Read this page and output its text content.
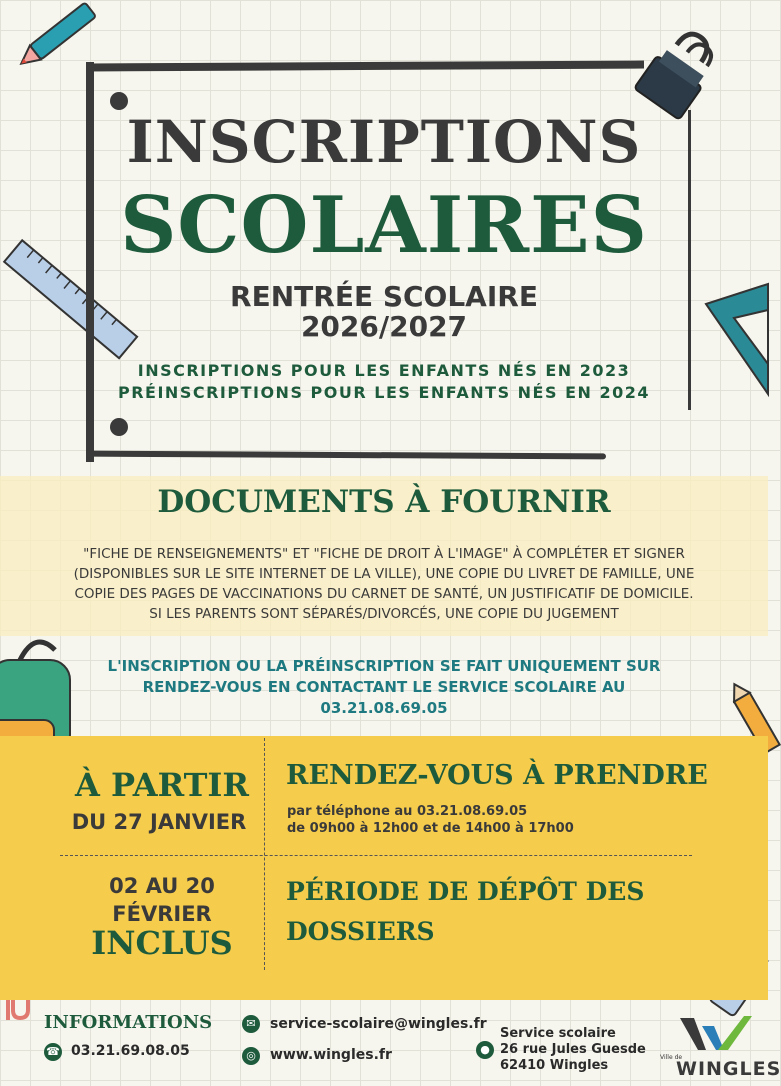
INSCRIPTIONS
SCOLAIRES
RENTRÉE SCOLAIRE
2026/2027
INSCRIPTIONS POUR LES ENFANTS NÉS EN 2023
PRÉINSCRIPTIONS POUR LES ENFANTS NÉS EN 2024
DOCUMENTS À FOURNIR
"FICHE DE RENSEIGNEMENTS" ET "FICHE DE DROIT À L'IMAGE" À COMPLÉTER ET SIGNER
(DISPONIBLES SUR LE SITE INTERNET DE LA VILLE), UNE COPIE DU LIVRET DE FAMILLE, UNE
COPIE DES PAGES DE VACCINATIONS DU CARNET DE SANTÉ, UN JUSTIFICATIF DE DOMICILE.
SI LES PARENTS SONT SÉPARÉS/DIVORCÉS, UNE COPIE DU JUGEMENT
L'INSCRIPTION OU LA PRÉINSCRIPTION SE FAIT UNIQUEMENT SUR
RENDEZ-VOUS EN CONTACTANT LE SERVICE SCOLAIRE AU
03.21.08.69.05
À PARTIR
DU 27 JANVIER
RENDEZ-VOUS À PRENDRE
par téléphone au 03.21.08.69.05
de 09h00 à 12h00 et de 14h00 à 17h00
02 AU 20
FÉVRIER
INCLUS
PÉRIODE DE DÉPÔT DES
DOSSIERS
INFORMATIONS
☎ 03.21.69.08.05
✉	service-scolaire@wingles.fr
◎	www.wingles.fr	●
Service scolaire
26 rue Jules Guesde
62410 Wingles
Ville de
WINGLES
